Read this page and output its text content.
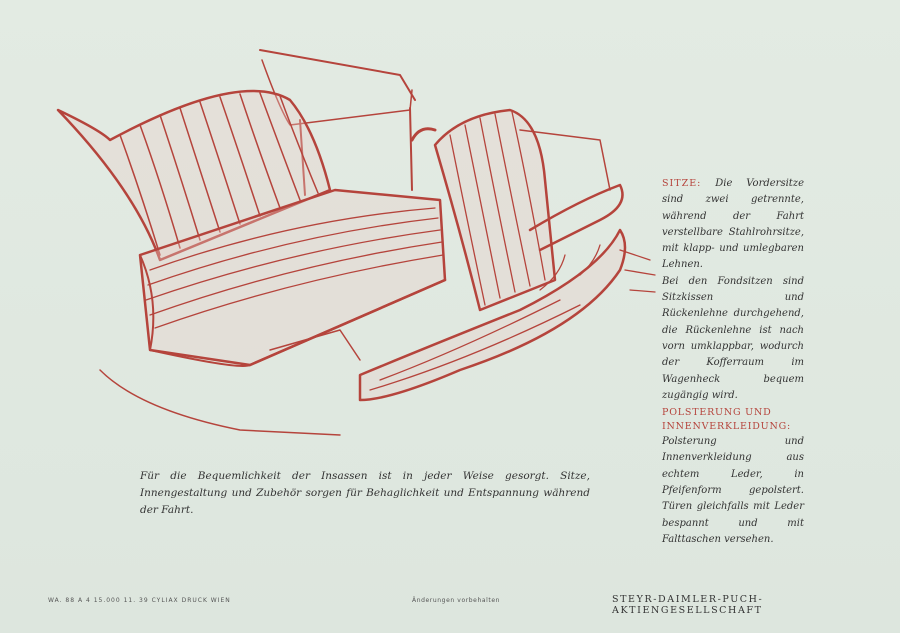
Für die Bequemlichkeit der Insassen ist in jeder Weise gesorgt. Sitze, Innengestaltung und Zubehör sorgen für Behaglichkeit und Entspannung während der Fahrt.

SITZE: Die Vordersitze sind zwei getrennte, während der Fahrt verstellbare Stahlrohrsitze, mit klapp- und umlegbaren Lehnen.

Bei den Fondsitzen sind Sitzkissen und Rückenlehne durchgehend, die Rückenlehne ist nach vorn umklappbar, wodurch der Kofferraum im Wagenheck bequem zugängig wird.

POLSTERUNG UND
INNENVERKLEIDUNG:

Polsterung und Innenverkleidung aus echtem Leder, in Pfeifenform gepolstert. Türen gleichfalls mit Leder bespannt und mit Falttaschen versehen.

WA. 88 A 4 15.000 11. 39 CYLIAX DRUCK WIEN	Änderungen vorbehalten	STEYR-DAIMLER-PUCH-AKTIENGESELLSCHAFT
